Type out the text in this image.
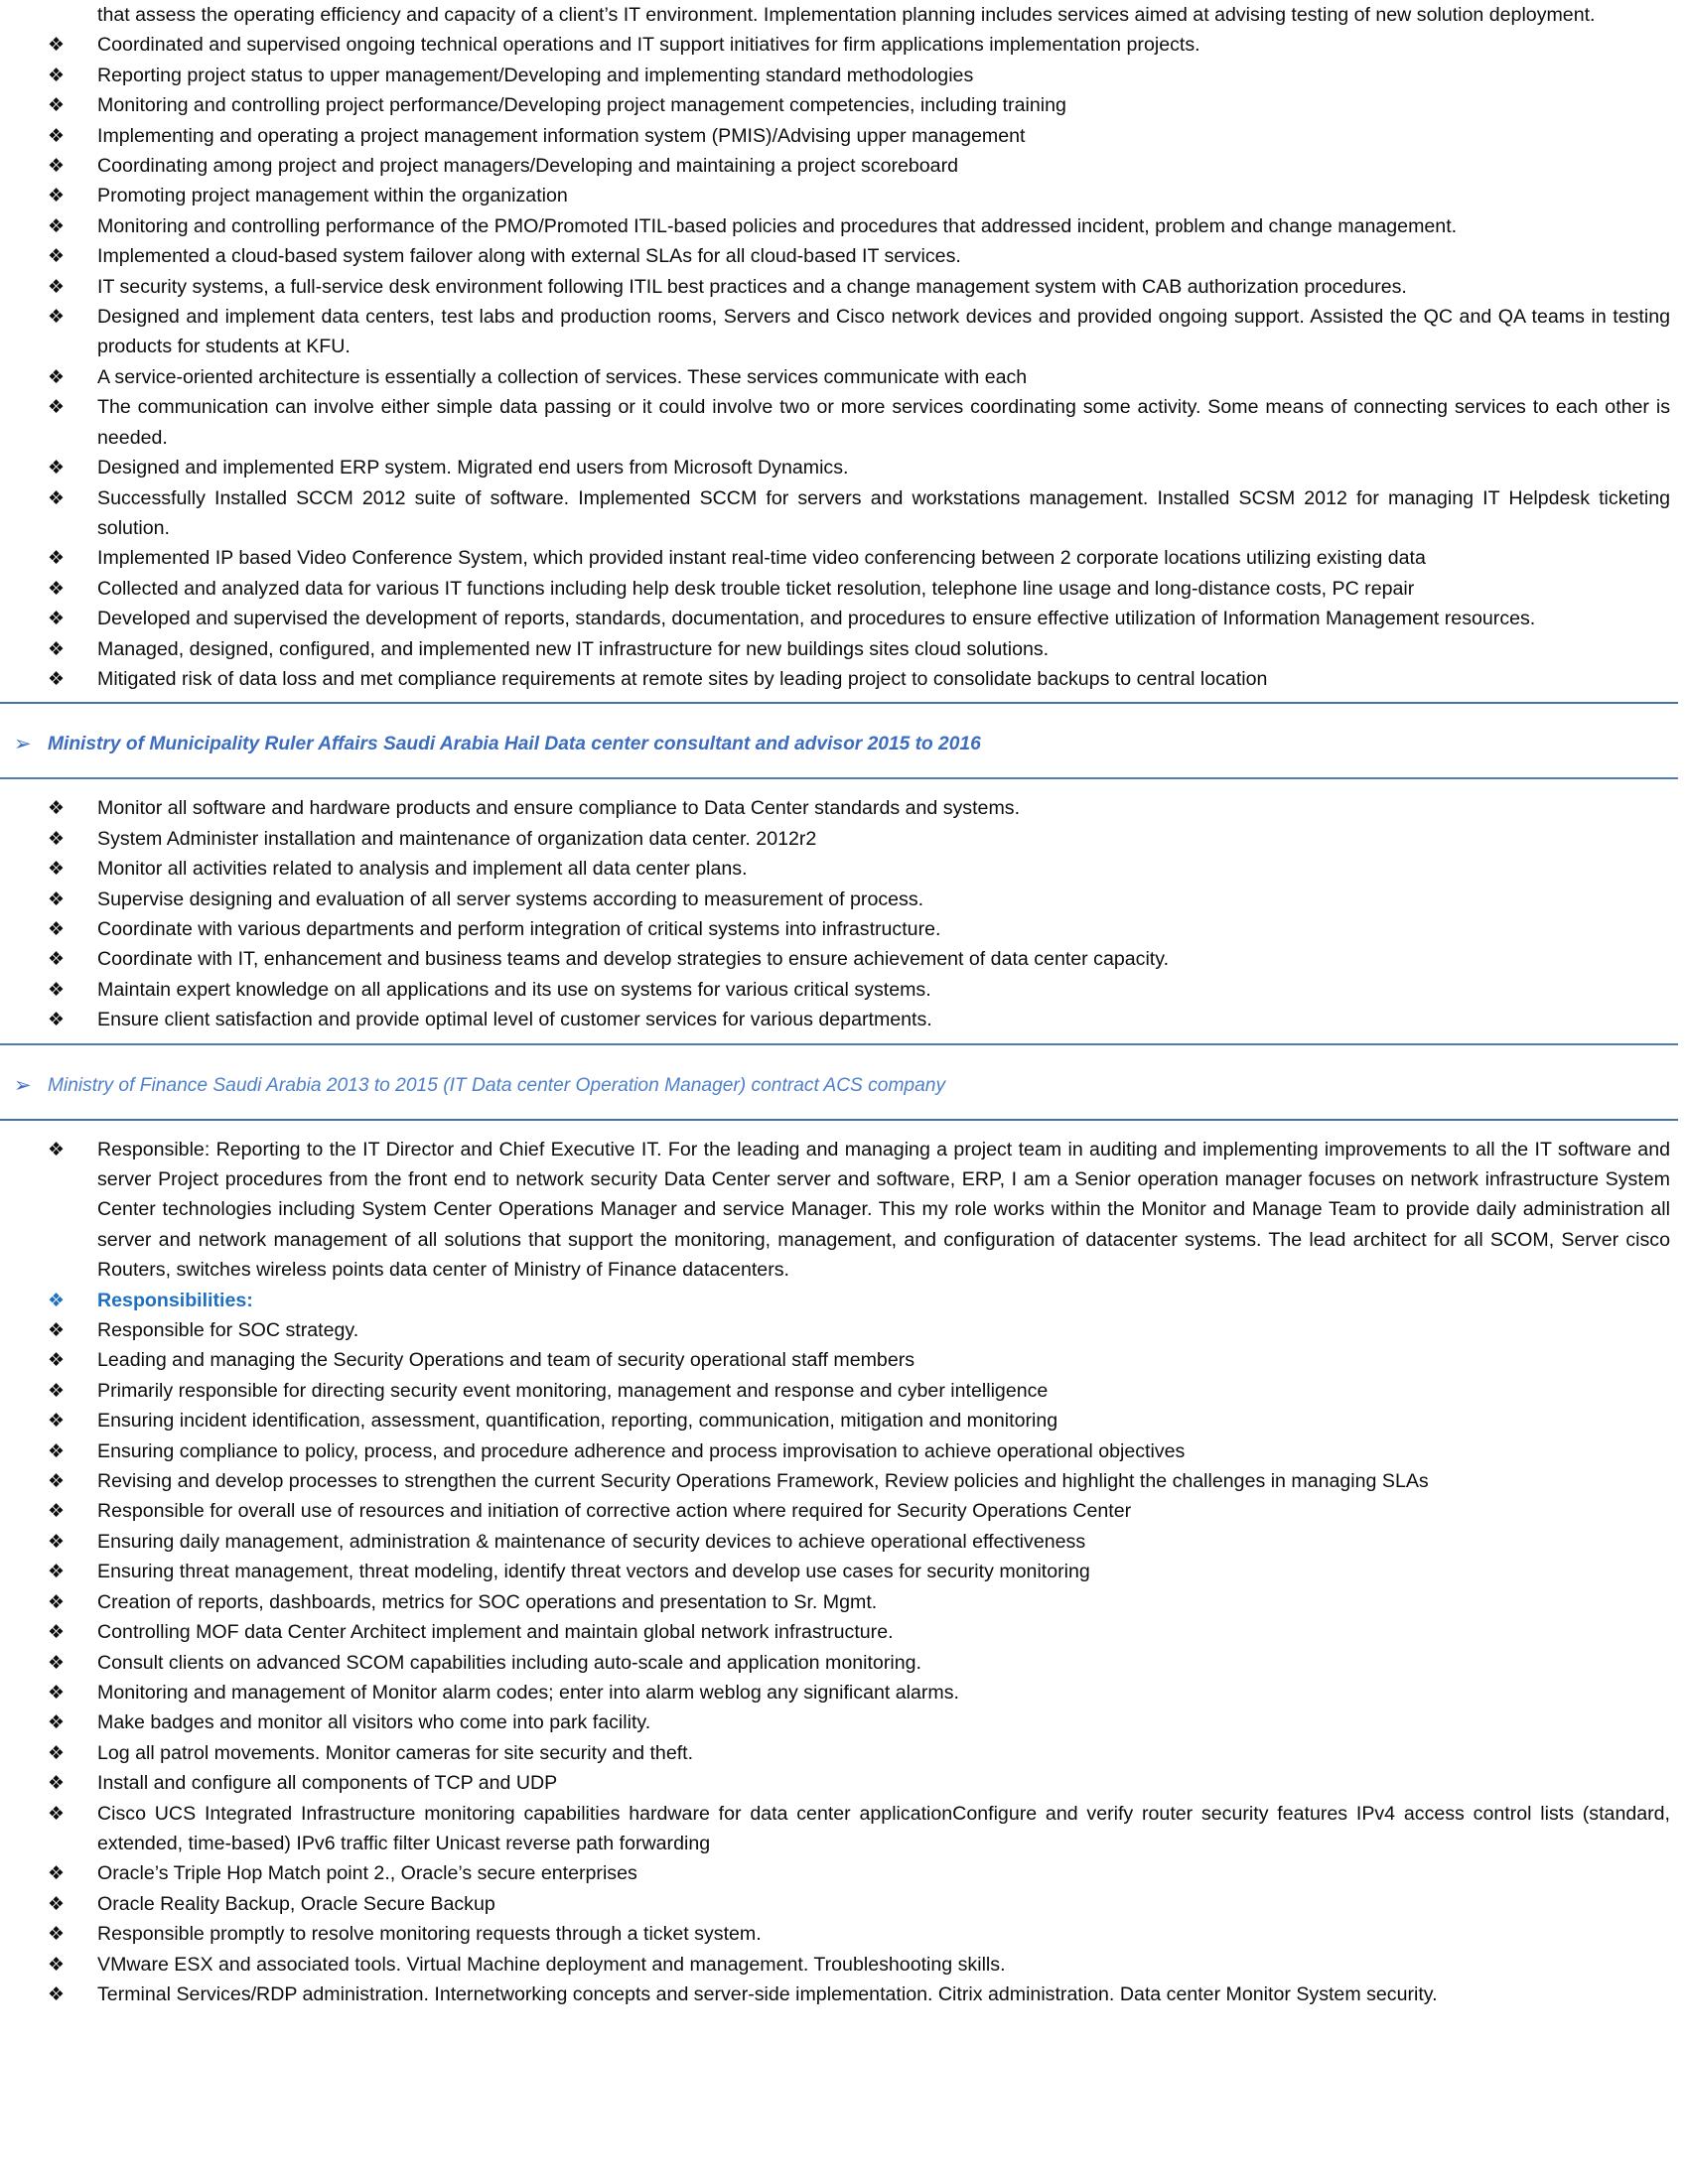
that assess the operating efficiency and capacity of a client’s IT environment. Implementation planning includes services aimed at advising testing of new solution deployment.

❖	Coordinated and supervised ongoing technical operations and IT support initiatives for firm applications implementation projects.
❖	Reporting project status to upper management/Developing and implementing standard methodologies
❖	Monitoring and controlling project performance/Developing project management competencies, including training
❖	Implementing and operating a project management information system (PMIS)/Advising upper management
❖	Coordinating among project and project managers/Developing and maintaining a project scoreboard
❖	Promoting project management within the organization
❖	Monitoring and controlling performance of the PMO/Promoted ITIL-based policies and procedures that addressed incident, problem and change management.
❖	Implemented a cloud-based system failover along with external SLAs for all cloud-based IT services.
❖	IT security systems, a full-service desk environment following ITIL best practices and a change management system with CAB authorization procedures.
❖	Designed and implement data centers, test labs and production rooms, Servers and Cisco network devices and provided ongoing support. Assisted the QC and QA teams in testing products for students at KFU.
❖	A service-oriented architecture is essentially a collection of services. These services communicate with each
❖	The communication can involve either simple data passing or it could involve two or more services coordinating some activity. Some means of connecting services to each other is needed.
❖	Designed and implemented ERP system. Migrated end users from Microsoft Dynamics.
❖	Successfully Installed SCCM 2012 suite of software. Implemented SCCM for servers and workstations management. Installed SCSM 2012 for managing IT Helpdesk ticketing solution.
❖	Implemented IP based Video Conference System, which provided instant real-time video conferencing between 2 corporate locations utilizing existing data
❖	Collected and analyzed data for various IT functions including help desk trouble ticket resolution, telephone line usage and long-distance costs, PC repair
❖	Developed and supervised the development of reports, standards, documentation, and procedures to ensure effective utilization of Information Management resources.
❖	Managed, designed, configured, and implemented new IT infrastructure for new buildings sites cloud solutions.
❖	Mitigated risk of data loss and met compliance requirements at remote sites by leading project to consolidate backups to central location
➢ Ministry of Municipality Ruler Affairs Saudi Arabia Hail Data center consultant and advisor 2015 to 2016
❖	Monitor all software and hardware products and ensure compliance to Data Center standards and systems.
❖	System Administer installation and maintenance of organization data center. 2012r2
❖	Monitor all activities related to analysis and implement all data center plans.
❖	Supervise designing and evaluation of all server systems according to measurement of process.
❖	Coordinate with various departments and perform integration of critical systems into infrastructure.
❖	Coordinate with IT, enhancement and business teams and develop strategies to ensure achievement of data center capacity.
❖	Maintain expert knowledge on all applications and its use on systems for various critical systems.
❖	Ensure client satisfaction and provide optimal level of customer services for various departments.
➢ Ministry of Finance Saudi Arabia 2013 to 2015 (IT Data center Operation Manager) contract ACS company
❖	Responsible: Reporting to the IT Director and Chief Executive IT. For the leading and managing a project team in auditing and implementing improvements to all the IT software and server Project procedures from the front end to network security Data Center server and software, ERP, I am a Senior operation manager focuses on network infrastructure System Center technologies including System Center Operations Manager and service Manager. This my role works within the Monitor and Manage Team to provide daily administration all server and network management of all solutions that support the monitoring, management, and configuration of datacenter systems. The lead architect for all SCOM, Server cisco Routers, switches wireless points data center of Ministry of Finance datacenters.
❖	Responsibilities:
❖	Responsible for SOC strategy.
❖	Leading and managing the Security Operations and team of security operational staff members
❖	Primarily responsible for directing security event monitoring, management and response and cyber intelligence
❖	Ensuring incident identification, assessment, quantification, reporting, communication, mitigation and monitoring
❖	Ensuring compliance to policy, process, and procedure adherence and process improvisation to achieve operational objectives
❖	Revising and develop processes to strengthen the current Security Operations Framework, Review policies and highlight the challenges in managing SLAs
❖	Responsible for overall use of resources and initiation of corrective action where required for Security Operations Center
❖	Ensuring daily management, administration & maintenance of security devices to achieve operational effectiveness
❖	Ensuring threat management, threat modeling, identify threat vectors and develop use cases for security monitoring
❖	Creation of reports, dashboards, metrics for SOC operations and presentation to Sr. Mgmt.
❖	Controlling MOF data Center Architect implement and maintain global network infrastructure.
❖	Consult clients on advanced SCOM capabilities including auto-scale and application monitoring.
❖	Monitoring and management of Monitor alarm codes; enter into alarm weblog any significant alarms.
❖	Make badges and monitor all visitors who come into park facility.
❖	Log all patrol movements. Monitor cameras for site security and theft.
❖	Install and configure all components of TCP and UDP
❖	Cisco UCS Integrated Infrastructure monitoring capabilities hardware for data center applicationConfigure and verify router security features IPv4 access control lists (standard, extended, time-based) IPv6 traffic filter Unicast reverse path forwarding
❖	Oracle’s Triple Hop Match point 2., Oracle’s secure enterprises
❖	Oracle Reality Backup, Oracle Secure Backup
❖	Responsible promptly to resolve monitoring requests through a ticket system.
❖	VMware ESX and associated tools. Virtual Machine deployment and management. Troubleshooting skills.
❖	Terminal Services/RDP administration. Internetworking concepts and server-side implementation. Citrix administration. Data center Monitor System security.
